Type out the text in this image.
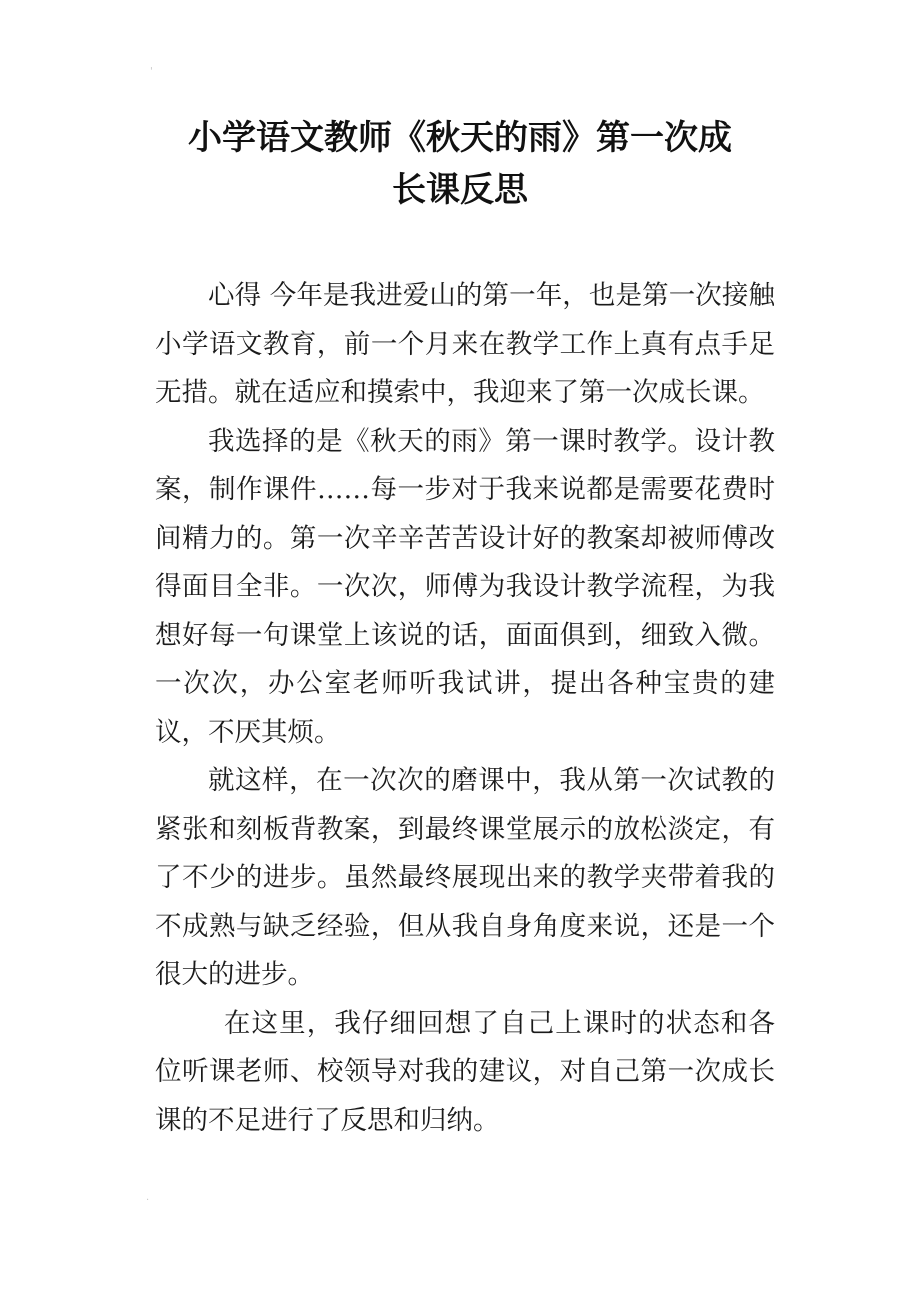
'
.
小学语文教师《秋天的雨》第一次成
长课反思

心得 今年是我进爱山的第一年，也是第一次接触小学语文教育，前一个月来在教学工作上真有点手足无措。就在适应和摸索中，我迎来了第一次成长课。

我选择的是《秋天的雨》第一课时教学。设计教案，制作课件……每一步对于我来说都是需要花费时间精力的。第一次辛辛苦苦设计好的教案却被师傅改得面目全非。一次次，师傅为我设计教学流程，为我想好每一句课堂上该说的话，面面俱到，细致入微。一次次，办公室老师听我试讲，提出各种宝贵的建议，不厌其烦。

就这样，在一次次的磨课中，我从第一次试教的紧张和刻板背教案，到最终课堂展示的放松淡定，有了不少的进步。虽然最终展现出来的教学夹带着我的不成熟与缺乏经验，但从我自身角度来说，还是一个很大的进步。

在这里，我仔细回想了自己上课时的状态和各位听课老师、校领导对我的建议，对自己第一次成长课的不足进行了反思和归纳。
